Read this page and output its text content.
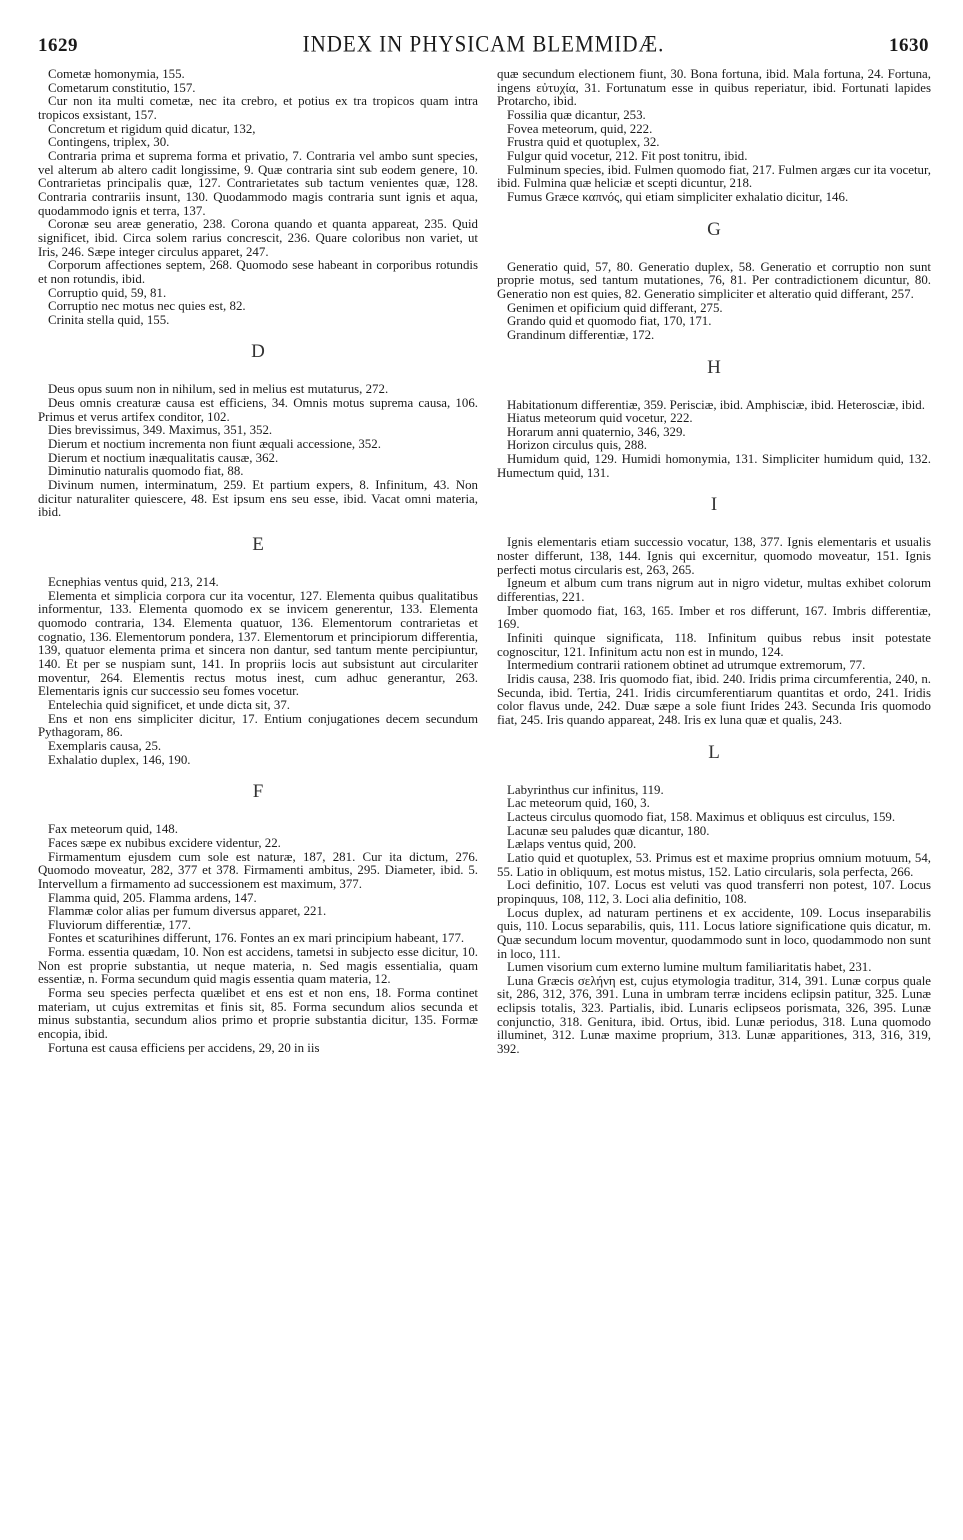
1629	INDEX IN PHYSICAM BLEMMIDÆ.	1630

Cometæ homonymia, 155.

Cometarum constitutio, 157.

Cur non ita multi cometæ, nec ita crebro, et potius ex tra tropicos quam intra tropicos exsistant, 157.

Concretum et rigidum quid dicatur, 132,

Contingens, triplex, 30.

Contraria prima et suprema forma et privatio, 7. Contraria vel ambo sunt species, vel alterum ab altero cadit longissime, 9. Quæ contraria sint sub eodem genere, 10. Contrarietas principalis quæ, 127. Contrarietates sub tactum venientes quæ, 128. Contraria contrariis insunt, 130. Quodammodo magis contraria sunt ignis et aqua, quodammodo ignis et terra, 137.

Coronæ seu areæ generatio, 238. Corona quando et quanta appareat, 235. Quid significet, ibid. Circa solem rarius concrescit, 236. Quare coloribus non variet, ut Iris, 246. Sæpe integer circulus apparet, 247.

Corporum affectiones septem, 268. Quomodo sese habeant in corporibus rotundis et non rotundis, ibid.

Corruptio quid, 59, 81.

Corruptio nec motus nec quies est, 82.

Crinita stella quid, 155.

D

Deus opus suum non in nihilum, sed in melius est mutaturus, 272.

Deus omnis creaturæ causa est efficiens, 34. Omnis motus suprema causa, 106. Primus et verus artifex conditor, 102.

Dies brevissimus, 349. Maximus, 351, 352.

Dierum et noctium incrementa non fiunt æquali accessione, 352.

Dierum et noctium inæqualitatis causæ, 362.

Diminutio naturalis quomodo fiat, 88.

Divinum numen, interminatum, 259. Et partium expers, 8. Infinitum, 43. Non dicitur naturaliter quiescere, 48. Est ipsum ens seu esse, ibid. Vacat omni materia, ibid.

E

Ecnephias ventus quid, 213, 214.

Elementa et simplicia corpora cur ita vocentur, 127. Elementa quibus qualitatibus informentur, 133. Elementa quomodo ex se invicem generentur, 133. Elementa quomodo contraria, 134. Elementa quatuor, 136. Elementorum contrarietas et cognatio, 136. Elementorum pondera, 137. Elementorum et principiorum differentia, 139, quatuor elementa prima et sincera non dantur, sed tantum mente percipiuntur, 140. Et per se nuspiam sunt, 141. In propriis locis aut subsistunt aut circulariter moventur, 264. Elementis rectus motus inest, cum adhuc generantur, 263. Elementaris ignis cur successio seu fomes vocetur.

Entelechia quid significet, et unde dicta sit, 37.

Ens et non ens simpliciter dicitur, 17. Entium conjugationes decem secundum Pythagoram, 86.

Exemplaris causa, 25.

Exhalatio duplex, 146, 190.

F

Fax meteorum quid, 148.

Faces sæpe ex nubibus excidere videntur, 22.

Firmamentum ejusdem cum sole est naturæ, 187, 281. Cur ita dictum, 276. Quomodo moveatur, 282, 377 et 378. Firmamenti ambitus, 295. Diameter, ibid. 5. Intervellum a firmamento ad successionem est maximum, 377.

Flamma quid, 205. Flamma ardens, 147.

Flammæ color alias per fumum diversus apparet, 221.

Fluviorum differentiæ, 177.

Fontes et scaturihines differunt, 176. Fontes an ex mari principium habeant, 177.

Forma. essentia quædam, 10. Non est accidens, tametsi in subjecto esse dicitur, 10. Non est proprie substantia, ut neque materia, n. Sed magis essentialia, quam essentiæ, n. Forma secundum quid magis essentia quam materia, 12.

Forma seu species perfecta quælibet et ens est et non ens, 18. Forma continet materiam, ut cujus extremitas et finis sit, 85. Forma secundum alios secunda et minus substantia, secundum alios primo et proprie substantia dicitur, 135. Formæ encopia, ibid.

Fortuna est causa efficiens per accidens, 29, 20 in iis

quæ secundum electionem fiunt, 30. Bona fortuna, ibid. Mala fortuna, 24. Fortuna, ingens εὐτυχία, 31. Fortunatum esse in quibus reperiatur, ibid. Fortunati lapides Protarcho, ibid.

Fossilia quæ dicantur, 253.

Fovea meteorum, quid, 222.

Frustra quid et quotuplex, 32.

Fulgur quid vocetur, 212. Fit post tonitru, ibid.

Fulminum species, ibid. Fulmen quomodo fiat, 217. Fulmen argæs cur ita vocetur, ibid. Fulmina quæ heliciæ et scepti dicuntur, 218.

Fumus Græce καπνός, qui etiam simpliciter exhalatio dicitur, 146.

G

Generatio quid, 57, 80. Generatio duplex, 58. Generatio et corruptio non sunt proprie motus, sed tantum mutationes, 76, 81. Per contradictionem dicuntur, 80. Generatio non est quies, 82. Generatio simpliciter et alteratio quid differant, 257.

Genimen et opificium quid differant, 275.

Grando quid et quomodo fiat, 170, 171.

Grandinum differentiæ, 172.

H

Habitationum differentiæ, 359. Perisciæ, ibid. Amphisciæ, ibid. Heterosciæ, ibid.

Hiatus meteorum quid vocetur, 222.

Horarum anni quaternio, 346, 329.

Horizon circulus quis, 288.

Humidum quid, 129. Humidi homonymia, 131. Simpliciter humidum quid, 132. Humectum quid, 131.

I

Ignis elementaris etiam successio vocatur, 138, 377. Ignis elementaris et usualis noster differunt, 138, 144. Ignis qui excernitur, quomodo moveatur, 151. Ignis perfecti motus circularis est, 263, 265.

Igneum et album cum trans nigrum aut in nigro videtur, multas exhibet colorum differentias, 221.

Imber quomodo fiat, 163, 165. Imber et ros differunt, 167. Imbris differentiæ, 169.

Infiniti quinque significata, 118. Infinitum quibus rebus insit potestate cognoscitur, 121. Infinitum actu non est in mundo, 124.

Intermedium contrarii rationem obtinet ad utrumque extremorum, 77.

Iridis causa, 238. Iris quomodo fiat, ibid. 240. Iridis prima circumferentia, 240, n. Secunda, ibid. Tertia, 241. Iridis circumferentiarum quantitas et ordo, 241. Iridis color flavus unde, 242. Duæ sæpe a sole fiunt Irides 243. Secunda Iris quomodo fiat, 245. Iris quando appareat, 248. Iris ex luna quæ et qualis, 243.

L

Labyrinthus cur infinitus, 119.

Lac meteorum quid, 160, 3.

Lacteus circulus quomodo fiat, 158. Maximus et obliquus est circulus, 159.

Lacunæ seu paludes quæ dicantur, 180.

Lælaps ventus quid, 200.

Latio quid et quotuplex, 53. Primus est et maxime proprius omnium motuum, 54, 55. Latio in obliquum, est motus mistus, 152. Latio circularis, sola perfecta, 266.

Loci definitio, 107. Locus est veluti vas quod transferri non potest, 107. Locus propinquus, 108, 112, 3. Loci alia definitio, 108.

Locus duplex, ad naturam pertinens et ex accidente, 109. Locus inseparabilis quis, 110. Locus separabilis, quis, 111. Locus latiore significatione quis dicatur, m. Quæ secundum locum moventur, quodammodo sunt in loco, quodammodo non sunt in loco, 111.

Lumen visorium cum externo lumine multum familiaritatis habet, 231.

Luna Græcis σελήνη est, cujus etymologia traditur, 314, 391. Lunæ corpus quale sit, 286, 312, 376, 391. Luna in umbram terræ incidens eclipsin patitur, 325. Lunæ eclipsis totalis, 323. Partialis, ibid. Lunaris eclipseos porismata, 326, 395. Lunæ conjunctio, 318. Genitura, ibid. Ortus, ibid. Lunæ periodus, 318. Luna quomodo illuminet, 312. Lunæ maxime proprium, 313. Lunæ apparitiones, 313, 316, 319, 392.
